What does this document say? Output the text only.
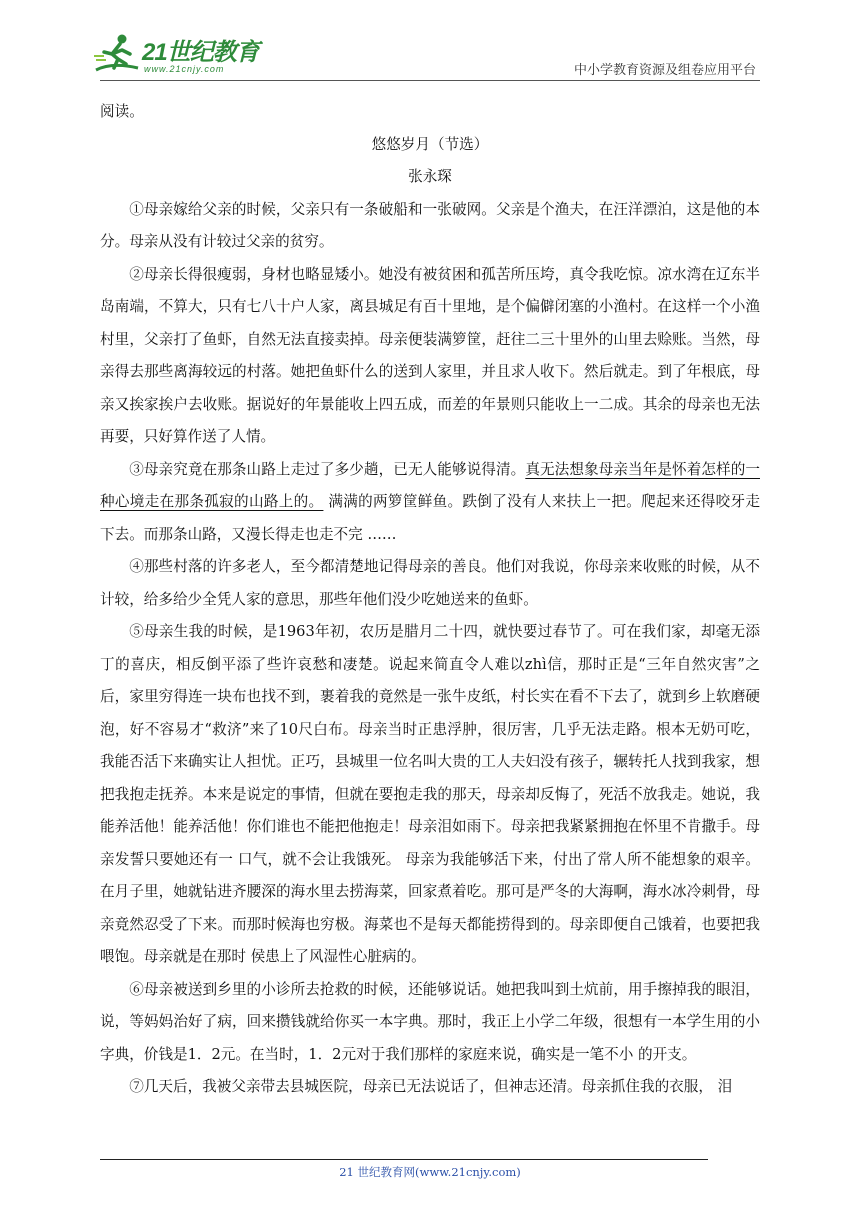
21世纪教育
www.21cnjy.com	中小学教育资源及组卷应用平台

阅读。

悠悠岁月（节选）

张永琛

①母亲嫁给父亲的时候，父亲只有一条破船和一张破网。父亲是个渔夫，在汪洋漂泊，这是他的本分。母亲从没有计较过父亲的贫穷。

②母亲长得很瘦弱，身材也略显矮小。她没有被贫困和孤苦所压垮，真令我吃惊。凉水湾在辽东半岛南端，不算大，只有七八十户人家，离县城足有百十里地，是个偏僻闭塞的小渔村。在这样一个小渔村里，父亲打了鱼虾，自然无法直接卖掉。母亲便装满箩筐，赶往二三十里外的山里去赊账。当然，母亲得去那些离海较远的村落。她把鱼虾什么的送到人家里，并且求人收下。然后就走。到了年根底，母亲又挨家挨户去收账。据说好的年景能收上四五成，而差的年景则只能收上一二成。其余的母亲也无法再要，只好算作送了人情。

③母亲究竟在那条山路上走过了多少趟，已无人能够说得清。真无法想象母亲当年是怀着怎样的一种心境走在那条孤寂的山路上的。 满满的两箩筐鲜鱼。跌倒了没有人来扶上一把。爬起来还得咬牙走下去。而那条山路，又漫长得走也走不完 ……

④那些村落的许多老人，至今都清楚地记得母亲的善良。他们对我说，你母亲来收账的时候，从不计较，给多给少全凭人家的意思，那些年他们没少吃她送来的鱼虾。

⑤母亲生我的时候，是1963年初，农历是腊月二十四，就快要过春节了。可在我们家，却毫无添丁的喜庆，相反倒平添了些许哀愁和凄楚。说起来简直令人难以zhì信，那时正是“三年自然灾害”之后，家里穷得连一块布也找不到，裹着我的竟然是一张牛皮纸，村长实在看不下去了，就到乡上软磨硬泡，好不容易才“救济”来了10尺白布。母亲当时正患浮肿，很厉害，几乎无法走路。根本无奶可吃，我能否活下来确实让人担忧。正巧，县城里一位名叫大贵的工人夫妇没有孩子，辗转托人找到我家，想把我抱走抚养。本来是说定的事情，但就在要抱走我的那天，母亲却反悔了，死活不放我走。她说，我能养活他！能养活他！你们谁也不能把他抱走！母亲泪如雨下。母亲把我紧紧拥抱在怀里不肯撒手。母亲发誓只要她还有一 口气，就不会让我饿死。 母亲为我能够活下来，付出了常人所不能想象的艰辛。在月子里，她就钻进齐腰深的海水里去捞海菜，回家煮着吃。那可是严冬的大海啊，海水冰冷刺骨，母亲竟然忍受了下来。而那时候海也穷极。海菜也不是每天都能捞得到的。母亲即便自己饿着，也要把我喂饱。母亲就是在那时 侯患上了风湿性心脏病的。

⑥母亲被送到乡里的小诊所去抢救的时候，还能够说话。她把我叫到土炕前，用手擦掉我的眼泪，说，等妈妈治好了病，回来攒钱就给你买一本字典。那时，我正上小学二年级，很想有一本学生用的小字典，价钱是1．2元。在当时，1．2元对于我们那样的家庭来说，确实是一笔不小 的开支。

⑦几天后，我被父亲带去县城医院，母亲已无法说话了，但神志还清。母亲抓住我的衣服， 泪

21 世纪教育网(www.21cnjy.com)
